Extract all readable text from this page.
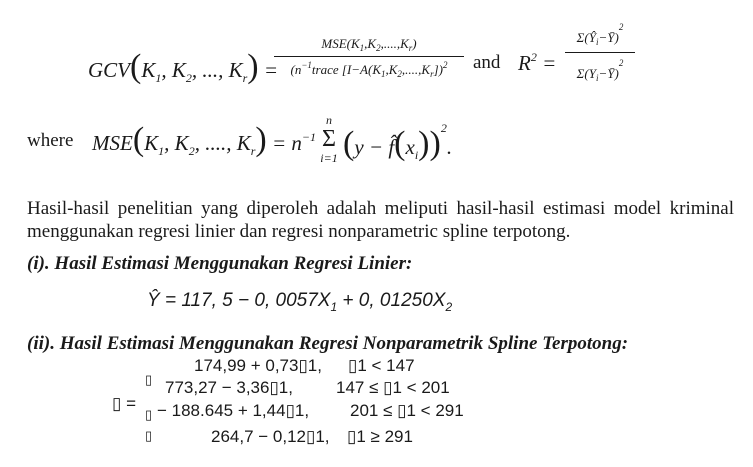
$GCV(K_1$, $K_2$, ..., $K_r$) =
$MSE(K_1,K_2,....,K_r)$
($n^{-1}trace$ $[I-A(K_1,K_2,....,K_r])^2$	and $R^2$ =
$\Sigma(Ŷ_i-Ȳ)^2$
$\Sigma(Y_i-Ȳ)^2$
where $MSE(K_1$, $K_2$, ...., $K_r) = n^{-1}$
n
Σ
i=1 $(y - f̂(x_i))^2$.
Hasil-hasil penelitian yang diperoleh adalah meliputi hasil-hasil estimasi model kriminal menggunakan regresi linier dan regresi nonparametric spline terpotong.
(i). Hasil Estimasi Menggunakan Regresi Linier:
Ŷ = 117, 5 − 0, $0057X_1 + 0$, $01250X_2$
(ii). Hasil Estimasi Menggunakan Regresi Nonparametrik Spline Terpotong:
▯ =
▯
▯
▯
174,99 + 0,73▯1, ▯1 < 147
773,27 − 3,36▯1,	147 ≤ ▯1 < 201
− 188.645 + 1,44▯1, 201 ≤ ▯1 < 291
264,7 − 0,12▯1, ▯1 ≥ 291
